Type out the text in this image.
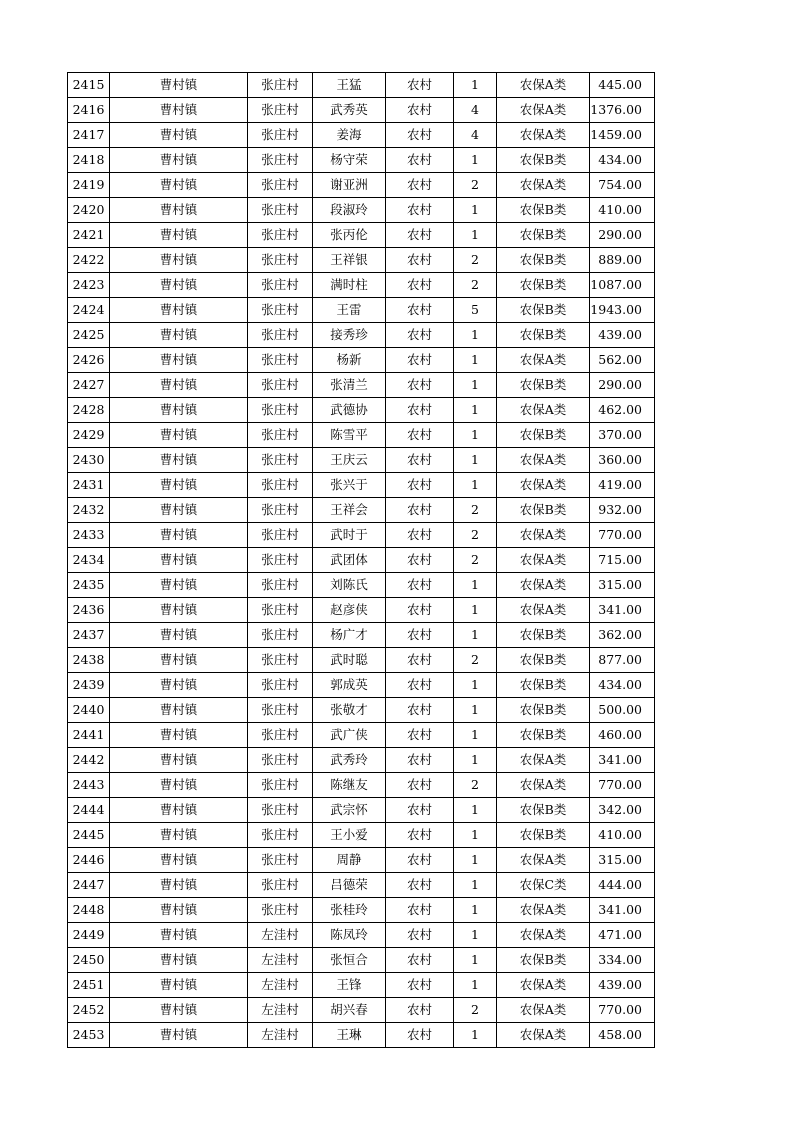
2415	曹村镇	张庄村	王猛	农村	1	农保A类	445.00
2416	曹村镇	张庄村	武秀英	农村	4	农保A类	1376.00
2417	曹村镇	张庄村	姜海	农村	4	农保A类	1459.00
2418	曹村镇	张庄村	杨守荣	农村	1	农保B类	434.00
2419	曹村镇	张庄村	谢亚洲	农村	2	农保A类	754.00
2420	曹村镇	张庄村	段淑玲	农村	1	农保B类	410.00
2421	曹村镇	张庄村	张丙伦	农村	1	农保B类	290.00
2422	曹村镇	张庄村	王祥银	农村	2	农保B类	889.00
2423	曹村镇	张庄村	满时柱	农村	2	农保B类	1087.00
2424	曹村镇	张庄村	王雷	农村	5	农保B类	1943.00
2425	曹村镇	张庄村	接秀珍	农村	1	农保B类	439.00
2426	曹村镇	张庄村	杨新	农村	1	农保A类	562.00
2427	曹村镇	张庄村	张清兰	农村	1	农保B类	290.00
2428	曹村镇	张庄村	武德协	农村	1	农保A类	462.00
2429	曹村镇	张庄村	陈雪平	农村	1	农保B类	370.00
2430	曹村镇	张庄村	王庆云	农村	1	农保A类	360.00
2431	曹村镇	张庄村	张兴于	农村	1	农保A类	419.00
2432	曹村镇	张庄村	王祥会	农村	2	农保B类	932.00
2433	曹村镇	张庄村	武时于	农村	2	农保A类	770.00
2434	曹村镇	张庄村	武团体	农村	2	农保A类	715.00
2435	曹村镇	张庄村	刘陈氏	农村	1	农保A类	315.00
2436	曹村镇	张庄村	赵彦侠	农村	1	农保A类	341.00
2437	曹村镇	张庄村	杨广才	农村	1	农保B类	362.00
2438	曹村镇	张庄村	武时聪	农村	2	农保B类	877.00
2439	曹村镇	张庄村	郭成英	农村	1	农保B类	434.00
2440	曹村镇	张庄村	张敬才	农村	1	农保B类	500.00
2441	曹村镇	张庄村	武广侠	农村	1	农保B类	460.00
2442	曹村镇	张庄村	武秀玲	农村	1	农保A类	341.00
2443	曹村镇	张庄村	陈继友	农村	2	农保A类	770.00
2444	曹村镇	张庄村	武宗怀	农村	1	农保B类	342.00
2445	曹村镇	张庄村	王小爱	农村	1	农保B类	410.00
2446	曹村镇	张庄村	周静	农村	1	农保A类	315.00
2447	曹村镇	张庄村	吕德荣	农村	1	农保C类	444.00
2448	曹村镇	张庄村	张桂玲	农村	1	农保A类	341.00
2449	曹村镇	左洼村	陈凤玲	农村	1	农保A类	471.00
2450	曹村镇	左洼村	张恒合	农村	1	农保B类	334.00
2451	曹村镇	左洼村	王锋	农村	1	农保A类	439.00
2452	曹村镇	左洼村	胡兴春	农村	2	农保A类	770.00
2453	曹村镇	左洼村	王琳	农村	1	农保A类	458.00
